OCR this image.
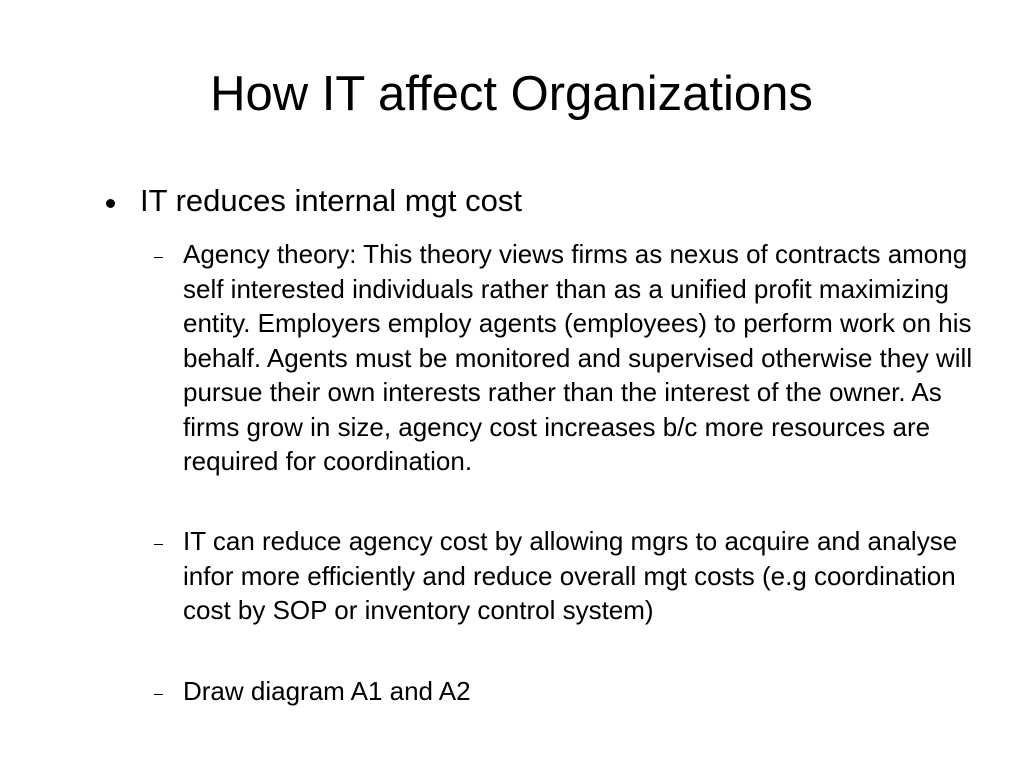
How IT affect Organizations
IT reduces internal mgt cost
Agency theory: This theory views firms as nexus of contracts among self interested individuals rather than as a unified profit maximizing entity. Employers employ agents (employees) to perform work on his behalf. Agents must be monitored and supervised otherwise they will pursue their own interests rather than the interest of the owner. As firms grow in size, agency cost increases b/c more resources are required for coordination.
IT can reduce agency cost by allowing mgrs to acquire and analyse infor more efficiently and reduce overall mgt costs (e.g coordination cost by SOP or inventory control system)
Draw diagram A1 and A2
